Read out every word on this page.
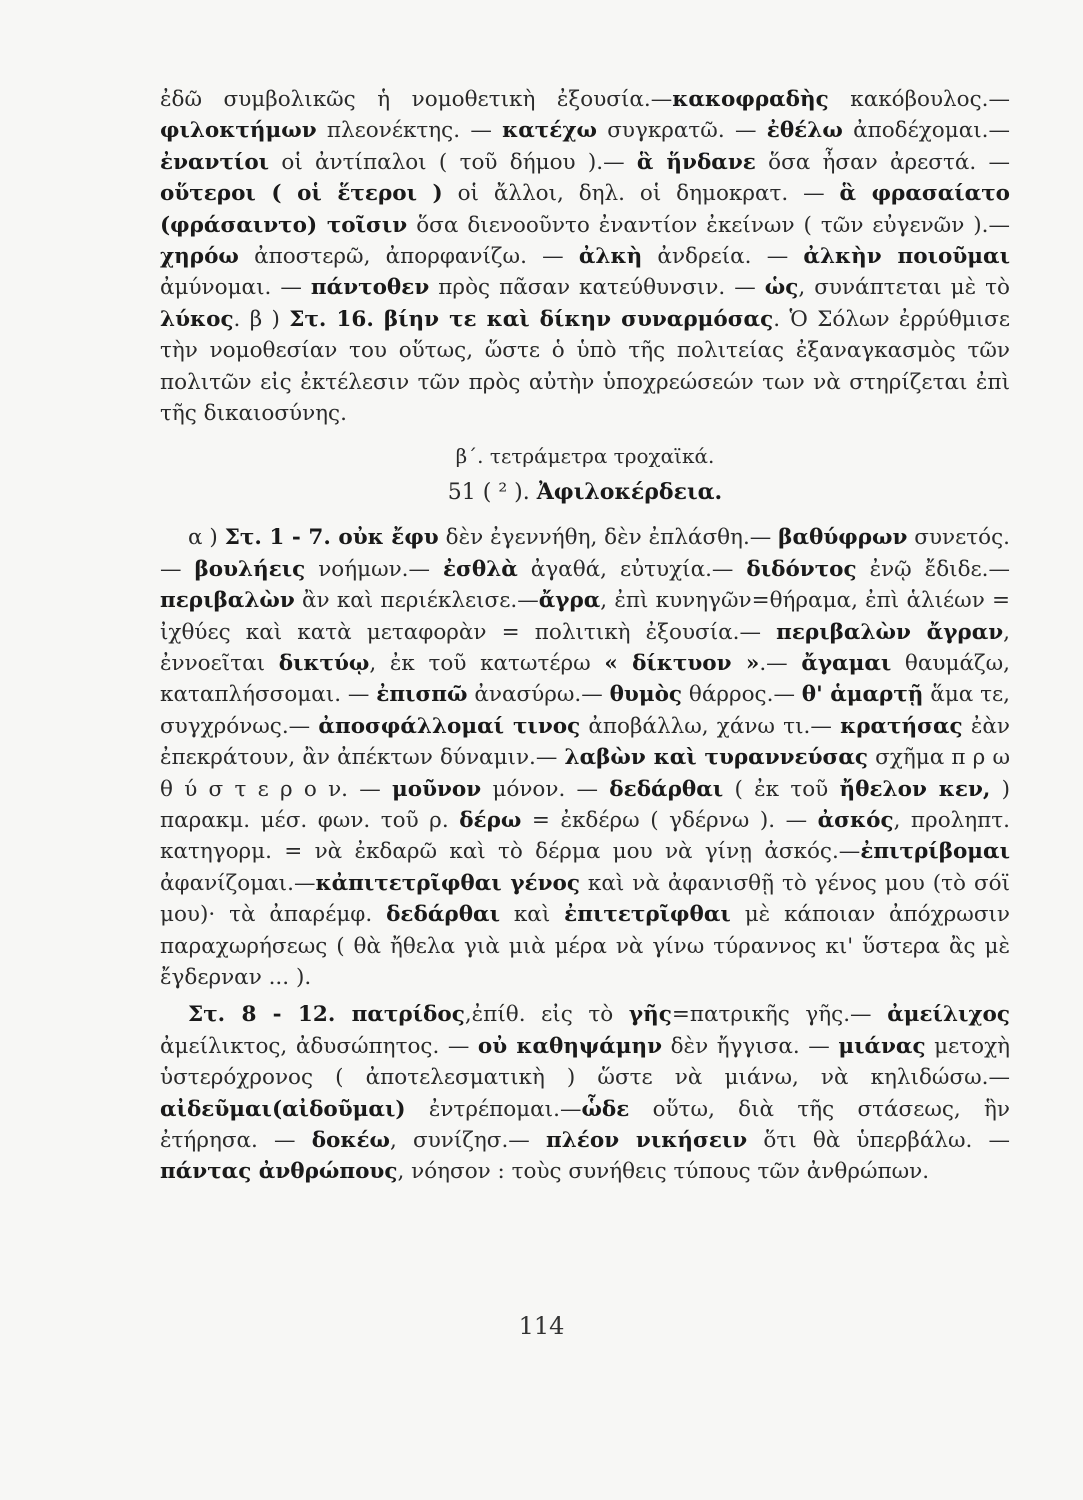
ἐδῶ συμβολικῶς ἡ νομοθετικὴ ἐξουσία.—κακοφραδὴς κακόβουλος.— φιλοκτήμων πλεονέκτης. — κατέχω συγκρατῶ. — ἐθέλω ἀποδέχομαι.— ἐναντίοι οἱ ἀντίπαλοι ( τοῦ δήμου ).— ἃ ἥνδανε ὅσα ἦσαν ἀρεστά. — οὕτεροι ( οἱ ἕτεροι ) οἱ ἄλλοι, δηλ. οἱ δημοκρατ. — ἃ φρασαίατο (φράσαιντο) τοῖσιν ὅσα διενοοῦντο ἐναντίον ἐκείνων ( τῶν εὐγενῶν ).— χηρόω ἀποστερῶ, ἀπορφανίζω. — ἀλκὴ ἀνδρεία. — ἀλκὴν ποιοῦμαι ἀμύνομαι. — πάντοθεν πρὸς πᾶσαν κατεύθυνσιν. — ὡς, συνάπτεται μὲ τὸ λύκος. β ) Στ. 16. βίην τε καὶ δίκην συναρμόσας. Ὁ Σόλων ἐρρύθμισε τὴν νομοθεσίαν του οὕτως, ὥστε ὁ ὑπὸ τῆς πολιτείας ἐξαναγκασμὸς τῶν πολιτῶν εἰς ἐκτέλεσιν τῶν πρὸς αὐτὴν ὑποχρεώσεών των νὰ στηρίζεται ἐπὶ τῆς δικαιοσύνης.

β΄. τετράμετρα τροχαϊκά.

51 ( ² ). Ἀφιλοκέρδεια.

α ) Στ. 1 - 7. οὐκ ἔφυ δὲν ἐγεννήθη, δὲν ἐπλάσθη.— βαθύφρων συνετός.— βουλήεις νοήμων.— ἐσθλὰ ἀγαθά, εὐτυχία.— διδόντος ἐνῷ ἔδιδε.—περιβαλὼν ἂν καὶ περιέκλεισε.—ἄγρα, ἐπὶ κυνηγῶν=θήραμα, ἐπὶ ἁλιέων = ἰχθύες καὶ κατὰ μεταφορὰν = πολιτικὴ ἐξουσία.— περιβαλὼν ἄγραν, ἐννοεῖται δικτύῳ, ἐκ τοῦ κατωτέρω « δίκτυον ».— ἄγαμαι θαυμάζω, καταπλήσσομαι. — ἐπισπῶ ἀνασύρω.— θυμὸς θάρρος.— θ' ἁμαρτῇ ἅμα τε, συγχρόνως.— ἀποσφάλλομαί τινος ἀποβάλλω, χάνω τι.— κρατήσας ἐὰν ἐπεκράτουν, ἂν ἀπέκτων δύναμιν.— λαβὼν καὶ τυραννεύσας σχῆμα π ρ ω θ ύ σ τ ε ρ ο ν. — μοῦνον μόνον. — δεδάρθαι ( ἐκ τοῦ ἤθελον κεν, ) παρακμ. μέσ. φων. τοῦ ρ. δέρω = ἐκδέρω ( γδέρνω ). — ἀσκός, προληπτ. κατηγορμ. = νὰ ἐκδαρῶ καὶ τὸ δέρμα μου νὰ γίνῃ ἀσκός.—ἐπιτρίβομαι ἀφανίζομαι.—κἀπιτετρῖφθαι γένος καὶ νὰ ἀφανισθῇ τὸ γένος μου (τὸ σόϊ μου)· τὰ ἀπαρέμφ. δεδάρθαι καὶ ἐπιτετρῖφθαι μὲ κάποιαν ἀπόχρωσιν παραχωρήσεως ( θὰ ἤθελα γιὰ μιὰ μέρα νὰ γίνω τύραννος κι' ὕστερα ἂς μὲ ἔγδερναν ... ).

Στ. 8 - 12. πατρίδος,ἐπίθ. εἰς τὸ γῆς=πατρικῆς γῆς.— ἀμείλιχος ἀμείλικτος, ἀδυσώπητος. — οὐ καθηψάμην δὲν ἤγγισα. — μιάνας μετοχὴ ὑστερόχρονος ( ἀποτελεσματικὴ ) ὥστε νὰ μιάνω, νὰ κηλιδώσω.— αἰδεῦμαι(αἰδοῦμαι) ἐντρέπομαι.—ὧδε οὕτω, διὰ τῆς στάσεως, ἣν ἐτήρησα. — δοκέω, συνίζησ.— πλέον νικήσειν ὅτι θὰ ὑπερβάλω. — πάντας ἀνθρώπους, νόησον : τοὺς συνήθεις τύπους τῶν ἀνθρώπων.

114
